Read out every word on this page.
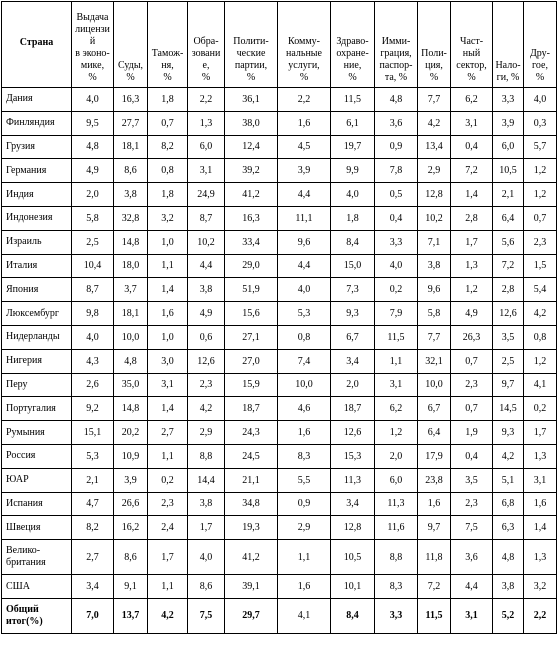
Страна	Выдача
лицензий
в эконо-
мике,
%	Суды,
%	Тамож-
ня,
%	Обра-
зование,
%	Полити-
ческие
партии,
%	Комму-
нальные
услуги,
%	Здраво-
охране-
ние,
%	Имми-
грация,
паспор-
та, %	Поли-
ция,
%	Част-
ный
сектор, %	Нало-
ги, %	Дру-
гое,
%
Дания	4,0	16,3	1,8	2,2	36,1	2,2	11,5	4,8	7,7	6,2	3,3	4,0
Финляндия	9,5	27,7	0,7	1,3	38,0	1,6	6,1	3,6	4,2	3,1	3,9	0,3
Грузия	4,8	18,1	8,2	6,0	12,4	4,5	19,7	0,9	13,4	0,4	6,0	5,7
Германия	4,9	8,6	0,8	3,1	39,2	3,9	9,9	7,8	2,9	7,2	10,5	1,2
Индия	2,0	3,8	1,8	24,9	41,2	4,4	4,0	0,5	12,8	1,4	2,1	1,2
Индонезия	5,8	32,8	3,2	8,7	16,3	11,1	1,8	0,4	10,2	2,8	6,4	0,7
Израиль	2,5	14,8	1,0	10,2	33,4	9,6	8,4	3,3	7,1	1,7	5,6	2,3
Италия	10,4	18,0	1,1	4,4	29,0	4,4	15,0	4,0	3,8	1,3	7,2	1,5
Япония	8,7	3,7	1,4	3,8	51,9	4,0	7,3	0,2	9,6	1,2	2,8	5,4
Люксембург	9,8	18,1	1,6	4,9	15,6	5,3	9,3	7,9	5,8	4,9	12,6	4,2
Нидерланды	4,0	10,0	1,0	0,6	27,1	0,8	6,7	11,5	7,7	26,3	3,5	0,8
Нигерия	4,3	4,8	3,0	12,6	27,0	7,4	3,4	1,1	32,1	0,7	2,5	1,2
Перу	2,6	35,0	3,1	2,3	15,9	10,0	2,0	3,1	10,0	2,3	9,7	4,1
Португалия	9,2	14,8	1,4	4,2	18,7	4,6	18,7	6,2	6,7	0,7	14,5	0,2
Румыния	15,1	20,2	2,7	2,9	24,3	1,6	12,6	1,2	6,4	1,9	9,3	1,7
Россия	5,3	10,9	1,1	8,8	24,5	8,3	15,3	2,0	17,9	0,4	4,2	1,3
ЮАР	2,1	3,9	0,2	14,4	21,1	5,5	11,3	6,0	23,8	3,5	5,1	3,1
Испания	4,7	26,6	2,3	3,8	34,8	0,9	3,4	11,3	1,6	2,3	6,8	1,6
Швеция	8,2	16,2	2,4	1,7	19,3	2,9	12,8	11,6	9,7	7,5	6,3	1,4
Велико-
британия	2,7	8,6	1,7	4,0	41,2	1,1	10,5	8,8	11,8	3,6	4,8	1,3
США	3,4	9,1	1,1	8,6	39,1	1,6	10,1	8,3	7,2	4,4	3,8	3,2
Общий итог(%)	7,0	13,7	4,2	7,5	29,7	4,1	8,4	3,3	11,5	3,1	5,2	2,2
